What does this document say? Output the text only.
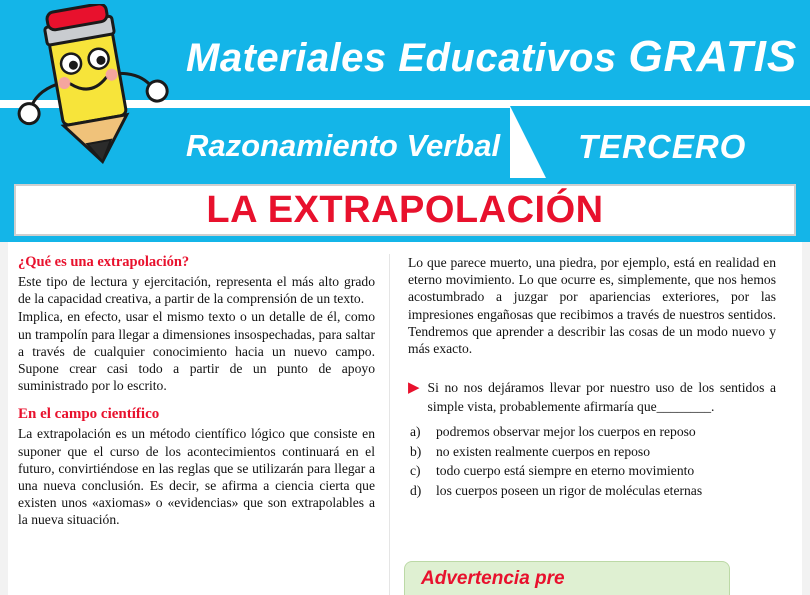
Materiales Educativos GRATIS
Razonamiento Verbal TERCERO
LA EXTRAPOLACIÓN
¿Qué es una extrapolación?

Este tipo de lectura y ejercitación, representa el más alto grado de la capacidad creativa, a partir de la comprensión de un texto.

Implica, en efecto, usar el mismo texto o un detalle de él, como un trampolín para llegar a dimensiones insospechadas, para saltar a través de cualquier conocimiento hacia un nuevo campo. Supone crear casi todo a partir de un punto de apoyo suministrado por lo escrito.

En el campo científico

La extrapolación es un método científico lógico que consiste en suponer que el curso de los acontecimientos continuará en el futuro, convirtiéndose en las reglas que se utilizarán para llegar a una nueva conclusión. Es decir, se afirma a ciencia cierta que existen unos «axiomas» o «evidencias» que son extrapolables a la nueva situación.

Lo que parece muerto, una piedra, por ejemplo, está en realidad en eterno movimiento. Lo que ocurre es, simplemente, que nos hemos acostumbrado a juzgar por apariencias exteriores, por las impresiones engañosas que recibimos a través de nuestros sentidos. Tendremos que aprender a describir las cosas de un modo nuevo y más exacto.

▶ Si no nos dejáramos llevar por nuestro uso de los sentidos a simple vista, probablemente afirmaría que________.
a)	podremos observar mejor los cuerpos en reposo
b)	no existen realmente cuerpos en reposo
c)	todo cuerpo está siempre en eterno movimiento
d)	los cuerpos poseen un rigor de moléculas eternas
Advertencia pre
